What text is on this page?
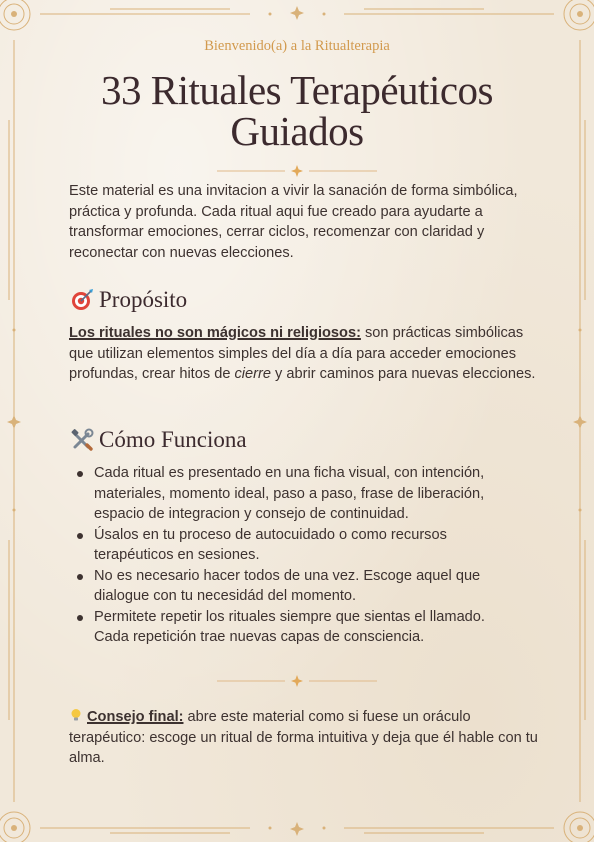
Bienvenido(a) a la Ritualterapia
33 Rituales Terapéuticos
Guiados
Este material es una invitacion a vivir la sanación de forma simbólica, práctica y profunda. Cada ritual aqui fue creado para ayudarte a transformar emociones, cerrar ciclos, recomenzar con claridad y reconectar con nuevas elecciones.
Propósito
Los rituales no son mágicos ni religiosos: son prácticas simbólicas que utilizan elementos simples del día a día para acceder emociones profundas, crear hitos de cierre y abrir caminos para nuevas elecciones.
Cómo Funciona
Cada ritual es presentado en una ficha visual, con intención, materiales, momento ideal, paso a paso, frase de liberación, espacio de integracion y consejo de continuidad.
Úsalos en tu proceso de autocuidado o como recursos terapéuticos en sesiones.
No es necesario hacer todos de una vez. Escoge aquel que dialogue con tu necesidád del momento.
Permitete repetir los rituales siempre que sientas el llamado. Cada repetición trae nuevas capas de consciencia.
Consejo final: abre este material como si fuese un oráculo terapéutico: escoge un ritual de forma intuitiva y deja que él hable con tu alma.
